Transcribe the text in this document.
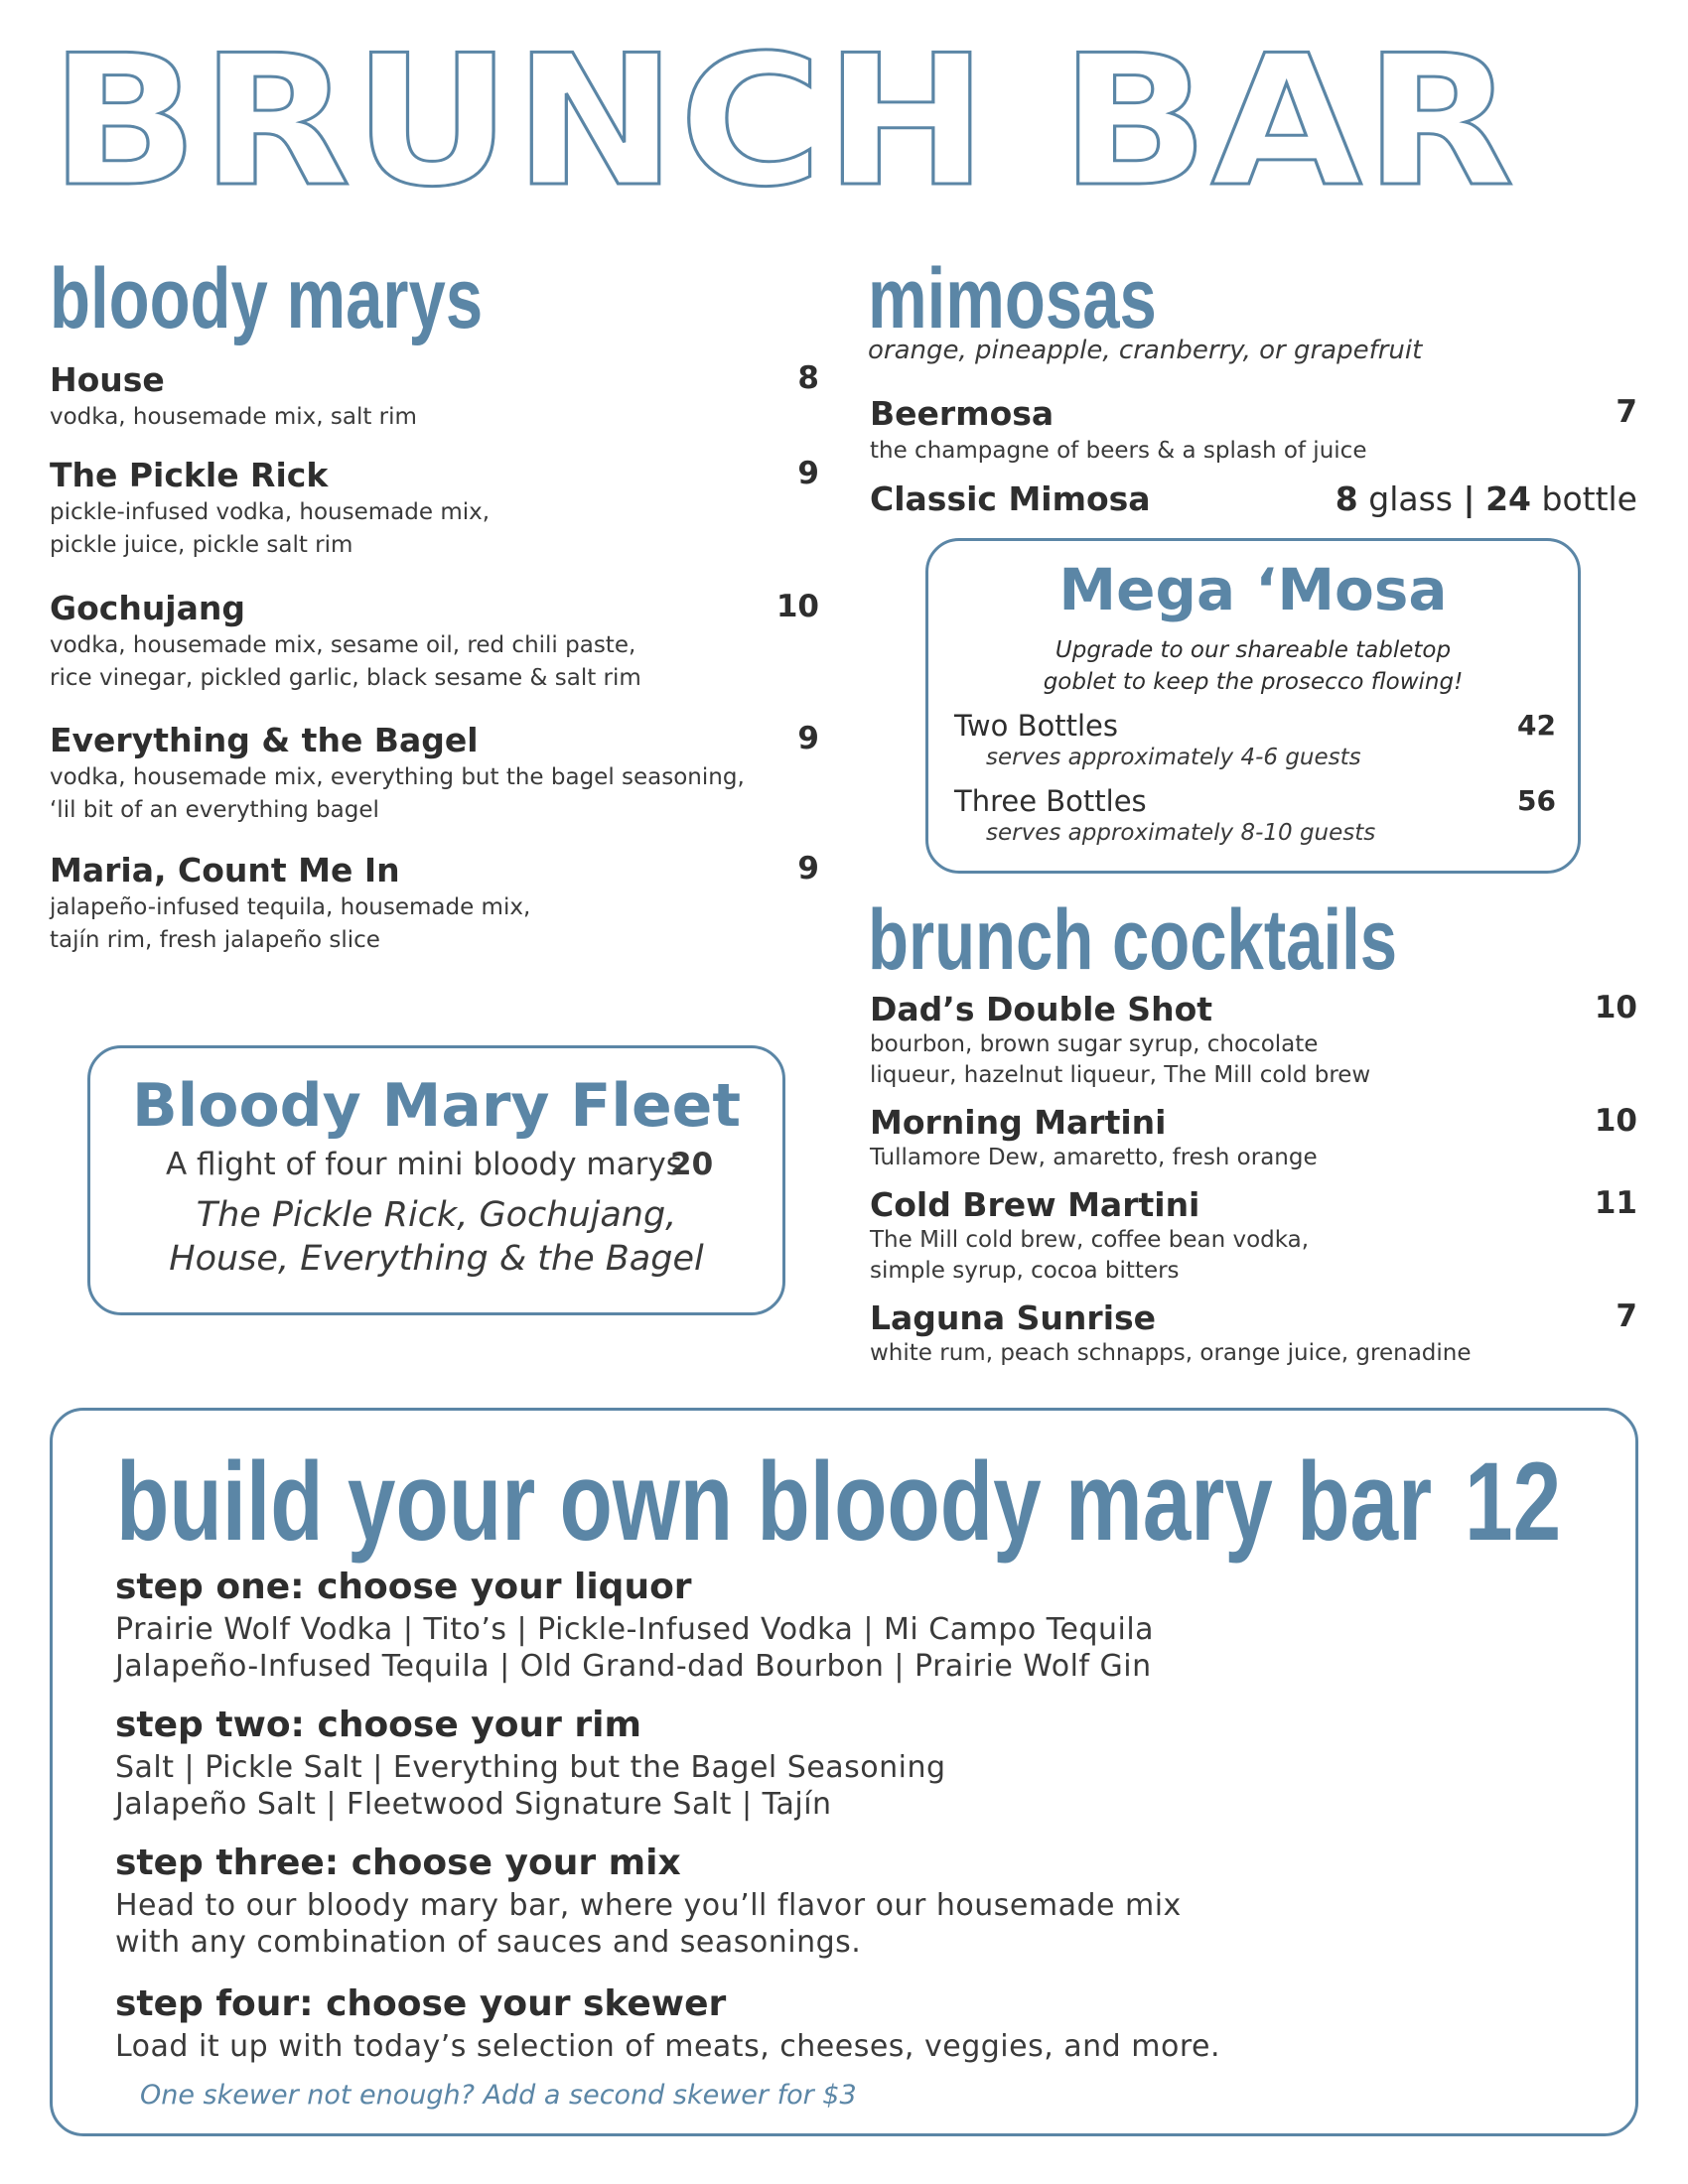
BRUNCH BAR
bloody marys
House	8
vodka, housemade mix, salt rim
The Pickle Rick	9
pickle-infused vodka, housemade mix,
pickle juice, pickle salt rim
Gochujang	10
vodka, housemade mix, sesame oil, red chili paste,
rice vinegar, pickled garlic, black sesame & salt rim
Everything & the Bagel	9
vodka, housemade mix, everything but the bagel seasoning,
‘lil bit of an everything bagel
Maria, Count Me In	9
jalapeño-infused tequila, housemade mix,
tajín rim, fresh jalapeño slice
Bloody Mary Fleet
A flight of four mini bloody marys
20
The Pickle Rick, Gochujang,
House, Everything & the Bagel
mimosas
orange, pineapple, cranberry, or grapefruit
Beermosa	7
the champagne of beers & a splash of juice
Classic Mimosa	8 glass | 24 bottle
Mega ‘Mosa
Upgrade to our shareable tabletop
goblet to keep the prosecco flowing!
Two Bottles	42
serves approximately 4-6 guests
Three Bottles	56
serves approximately 8-10 guests
brunch cocktails
Dad’s Double Shot	10
bourbon, brown sugar syrup, chocolate
liqueur, hazelnut liqueur, The Mill cold brew
Morning Martini	10
Tullamore Dew, amaretto, fresh orange
Cold Brew Martini	11
The Mill cold brew, coffee bean vodka,
simple syrup, cocoa bitters
Laguna Sunrise	7
white rum, peach schnapps, orange juice, grenadine
build your own bloody mary bar 12
step one: choose your liquor
Prairie Wolf Vodka | Tito’s | Pickle-Infused Vodka | Mi Campo Tequila
Jalapeño-Infused Tequila | Old Grand-dad Bourbon | Prairie Wolf Gin
step two: choose your rim
Salt | Pickle Salt | Everything but the Bagel Seasoning
Jalapeño Salt | Fleetwood Signature Salt | Tajín
step three: choose your mix
Head to our bloody mary bar, where you’ll flavor our housemade mix
with any combination of sauces and seasonings.
step four: choose your skewer
Load it up with today’s selection of meats, cheeses, veggies, and more.
One skewer not enough? Add a second skewer for $3
